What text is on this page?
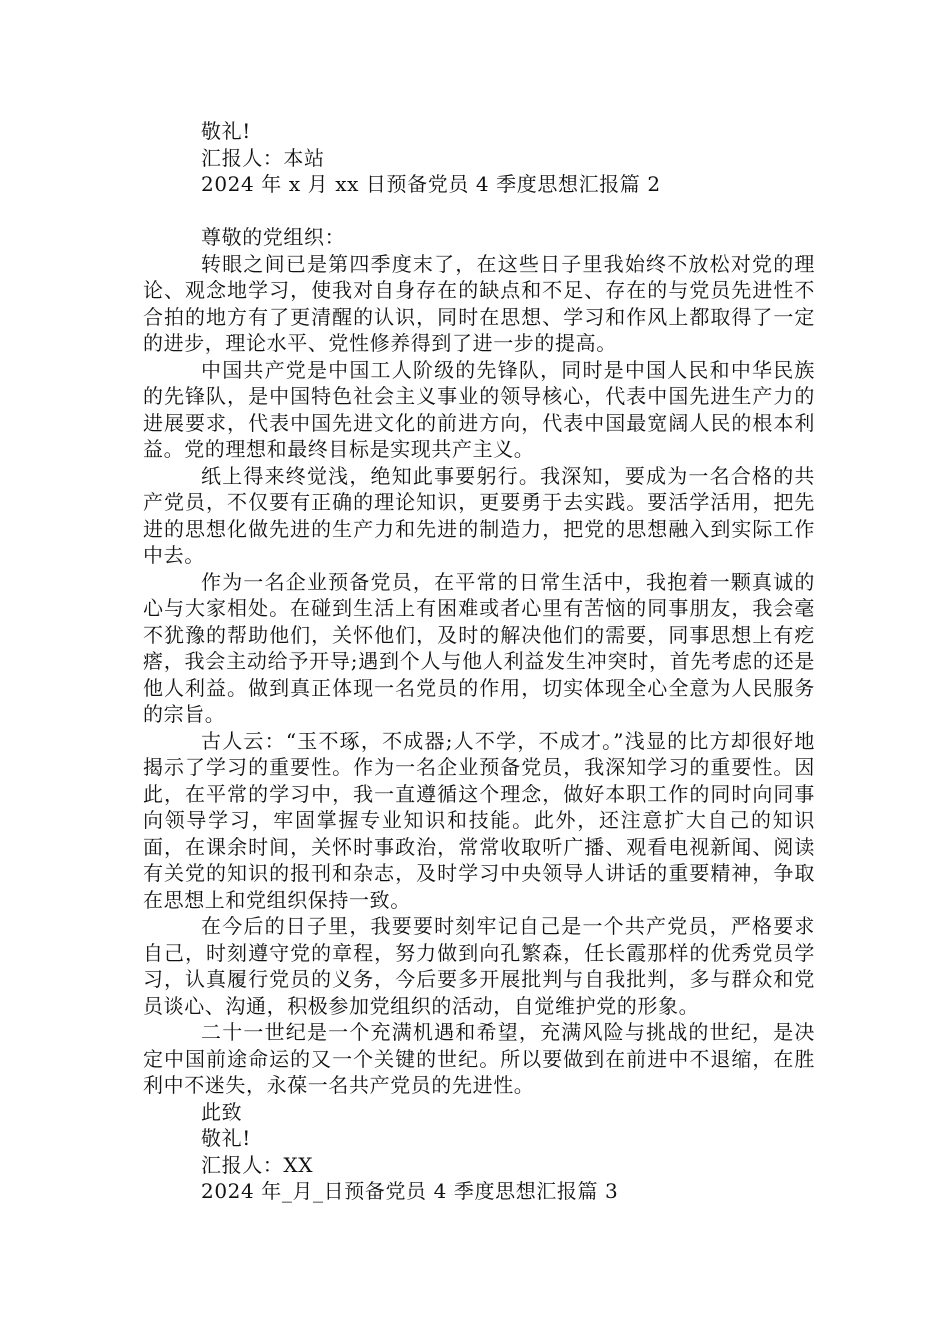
敬礼!
汇报人：本站
2024 年 x 月 xx 日预备党员 4 季度思想汇报篇 2
尊敬的党组织：
转眼之间已是第四季度末了，在这些日子里我始终不放松对党的理论、观念地学习，使我对自身存在的缺点和不足、存在的与党员先进性不合拍的地方有了更清醒的认识，同时在思想、学习和作风上都取得了一定的进步，理论水平、党性修养得到了进一步的提高。
中国共产党是中国工人阶级的先锋队，同时是中国人民和中华民族的先锋队，是中国特色社会主义事业的领导核心，代表中国先进生产力的进展要求，代表中国先进文化的前进方向，代表中国最宽阔人民的根本利益。党的理想和最终目标是实现共产主义。
纸上得来终觉浅，绝知此事要躬行。我深知，要成为一名合格的共产党员，不仅要有正确的理论知识，更要勇于去实践。要活学活用，把先进的思想化做先进的生产力和先进的制造力，把党的思想融入到实际工作中去。
作为一名企业预备党员，在平常的日常生活中，我抱着一颗真诚的心与大家相处。在碰到生活上有困难或者心里有苦恼的同事朋友，我会毫不犹豫的帮助他们，关怀他们，及时的解决他们的需要，同事思想上有疙瘩，我会主动给予开导;遇到个人与他人利益发生冲突时，首先考虑的还是他人利益。做到真正体现一名党员的作用，切实体现全心全意为人民服务的宗旨。
古人云：“玉不琢，不成器;人不学，不成才。”浅显的比方却很好地揭示了学习的重要性。作为一名企业预备党员，我深知学习的重要性。因此，在平常的学习中，我一直遵循这个理念，做好本职工作的同时向同事向领导学习，牢固掌握专业知识和技能。此外，还注意扩大自己的知识面，在课余时间，关怀时事政治，常常收取听广播、观看电视新闻、阅读有关党的知识的报刊和杂志，及时学习中央领导人讲话的重要精神，争取在思想上和党组织保持一致。
在今后的日子里，我要要时刻牢记自己是一个共产党员，严格要求自己，时刻遵守党的章程，努力做到向孔繁森，任长霞那样的优秀党员学习，认真履行党员的义务，今后要多开展批判与自我批判，多与群众和党员谈心、沟通，积极参加党组织的活动，自觉维护党的形象。
二十一世纪是一个充满机遇和希望，充满风险与挑战的世纪，是决定中国前途命运的又一个关键的世纪。所以要做到在前进中不退缩，在胜利中不迷失，永葆一名共产党员的先进性。
此致
敬礼!
汇报人：XX
2024 年_月_日预备党员 4 季度思想汇报篇 3
